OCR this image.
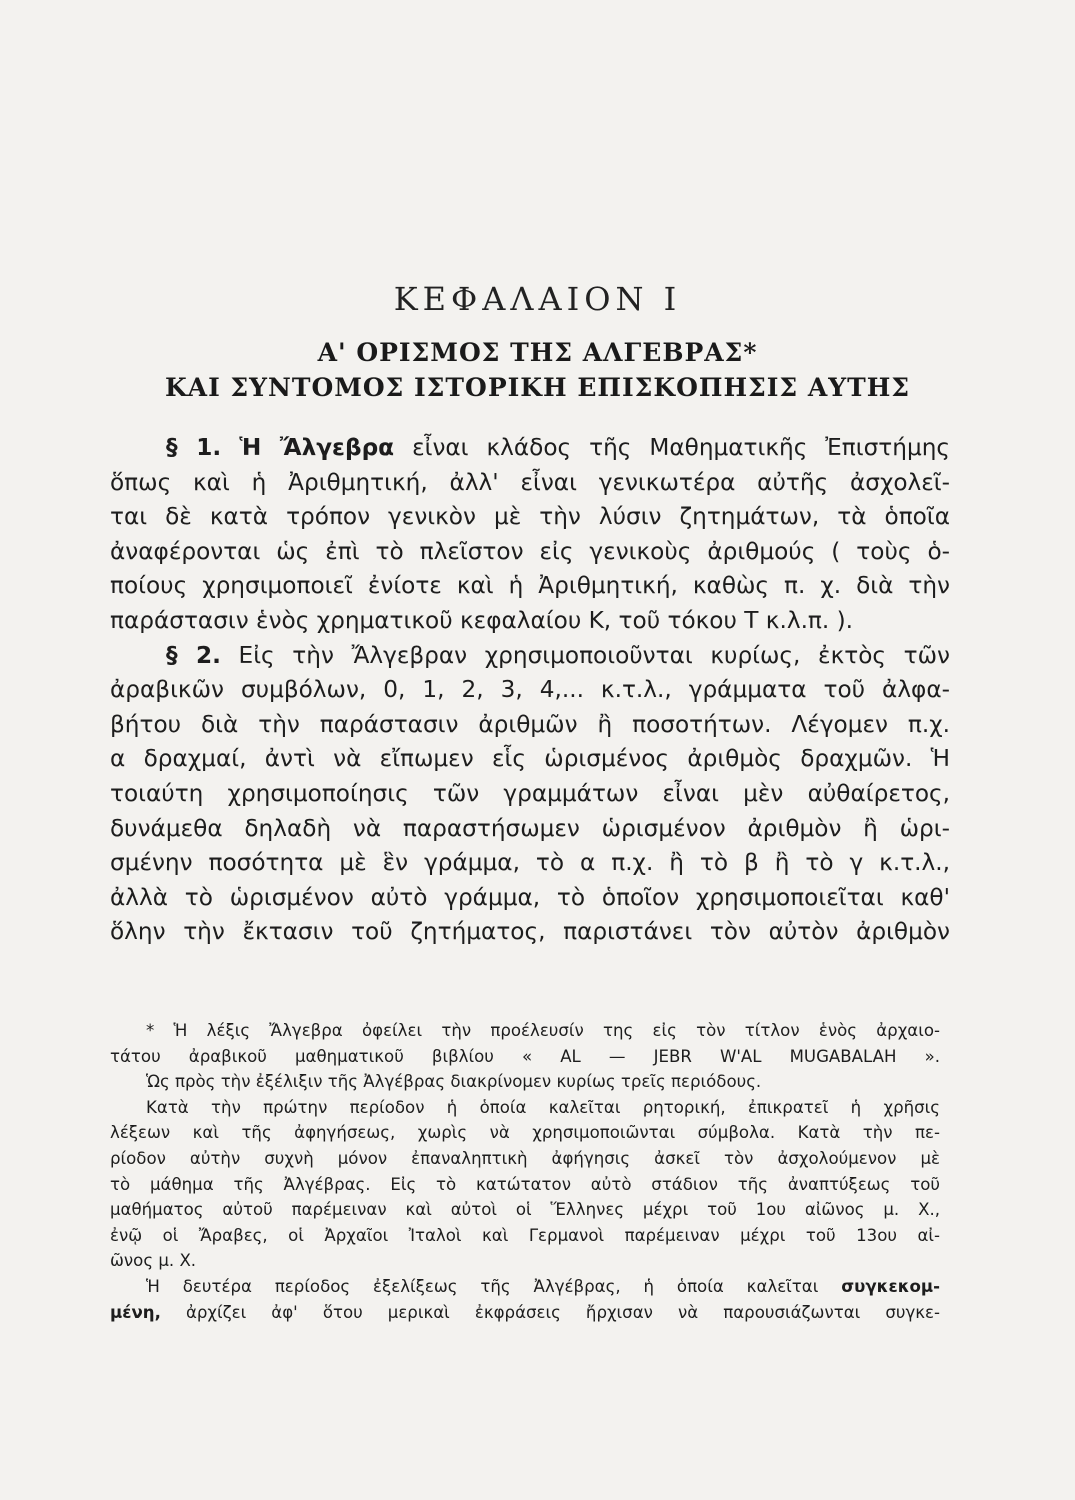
ΚΕΦΑΛΑΙΟΝ Ι
Α' ΟΡΙΣΜΟΣ ΤΗΣ ΑΛΓΕΒΡΑΣ*
ΚΑΙ ΣΥΝΤΟΜΟΣ ΙΣΤΟΡΙΚΗ ΕΠΙΣΚΟΠΗΣΙΣ ΑΥΤΗΣ
§ 1. Ἡ Ἄλγεβρα εἶναι κλάδος τῆς Μαθηματικῆς Ἐπιστήμης
ὅπως καὶ ἡ Ἀριθμητική, ἀλλ' εἶναι γενικωτέρα αὐτῆς ἀσχολεῖ-
ται δὲ κατὰ τρόπον γενικὸν μὲ τὴν λύσιν ζητημάτων, τὰ ὁποῖα
ἀναφέρονται ὡς ἐπὶ τὸ πλεῖστον εἰς γενικοὺς ἀριθμούς ( τοὺς ὁ-
ποίους χρησιμοποιεῖ ἐνίοτε καὶ ἡ Ἀριθμητική, καθὼς π. χ. διὰ τὴν
παράστασιν ἑνὸς χρηματικοῦ κεφαλαίου Κ, τοῦ τόκου Τ κ.λ.π. ).
§ 2. Εἰς τὴν Ἄλγεβραν χρησιμοποιοῦνται κυρίως, ἐκτὸς τῶν
ἀραβικῶν συμβόλων, 0, 1, 2, 3, 4,... κ.τ.λ., γράμματα τοῦ ἀλφα-
βήτου διὰ τὴν παράστασιν ἀριθμῶν ἢ ποσοτήτων. Λέγομεν π.χ.
α δραχμαί, ἀντὶ νὰ εἴπωμεν εἷς ὡρισμένος ἀριθμὸς δραχμῶν. Ἡ
τοιαύτη χρησιμοποίησις τῶν γραμμάτων εἶναι μὲν αὐθαίρετος,
δυνάμεθα δηλαδὴ νὰ παραστήσωμεν ὡρισμένον ἀριθμὸν ἢ ὡρι-
σμένην ποσότητα μὲ ἓν γράμμα, τὸ α π.χ. ἢ τὸ β ἢ τὸ γ κ.τ.λ.,
ἀλλὰ τὸ ὡρισμένον αὐτὸ γράμμα, τὸ ὁποῖον χρησιμοποιεῖται καθ'
ὅλην τὴν ἔκτασιν τοῦ ζητήματος, παριστάνει τὸν αὐτὸν ἀριθμὸν
* Ἡ λέξις Ἄλγεβρα ὀφείλει τὴν προέλευσίν της εἰς τὸν τίτλον ἑνὸς ἀρχαιο-
τάτου ἀραβικοῦ μαθηματικοῦ βιβλίου « AL — JEBR W'AL MUGABALAH ».
Ὡς πρὸς τὴν ἐξέλιξιν τῆς Ἀλγέβρας διακρίνομεν κυρίως τρεῖς περιόδους.
Κατὰ τὴν πρώτην περίοδον ἡ ὁποία καλεῖται ρητορική, ἐπικρατεῖ ἡ χρῆσις
λέξεων καὶ τῆς ἀφηγήσεως, χωρὶς νὰ χρησιμοποιῶνται σύμβολα. Κατὰ τὴν πε-
ρίοδον αὐτὴν συχνὴ μόνον ἐπαναληπτικὴ ἀφήγησις ἀσκεῖ τὸν ἀσχολούμενον μὲ
τὸ μάθημα τῆς Ἀλγέβρας. Εἰς τὸ κατώτατον αὐτὸ στάδιον τῆς ἀναπτύξεως τοῦ
μαθήματος αὐτοῦ παρέμειναν καὶ αὐτοὶ οἱ Ἕλληνες μέχρι τοῦ 1ου αἰῶνος μ. Χ.,
ἐνῷ οἱ Ἄραβες, οἱ Ἀρχαῖοι Ἰταλοὶ καὶ Γερμανοὶ παρέμειναν μέχρι τοῦ 13ου αἰ-
ῶνος μ. Χ.
Ἡ δευτέρα περίοδος ἐξελίξεως τῆς Ἀλγέβρας, ἡ ὁποία καλεῖται συγκεκομ-
μένη, ἀρχίζει ἀφ' ὅτου μερικαὶ ἐκφράσεις ἤρχισαν νὰ παρουσιάζωνται συγκε-
